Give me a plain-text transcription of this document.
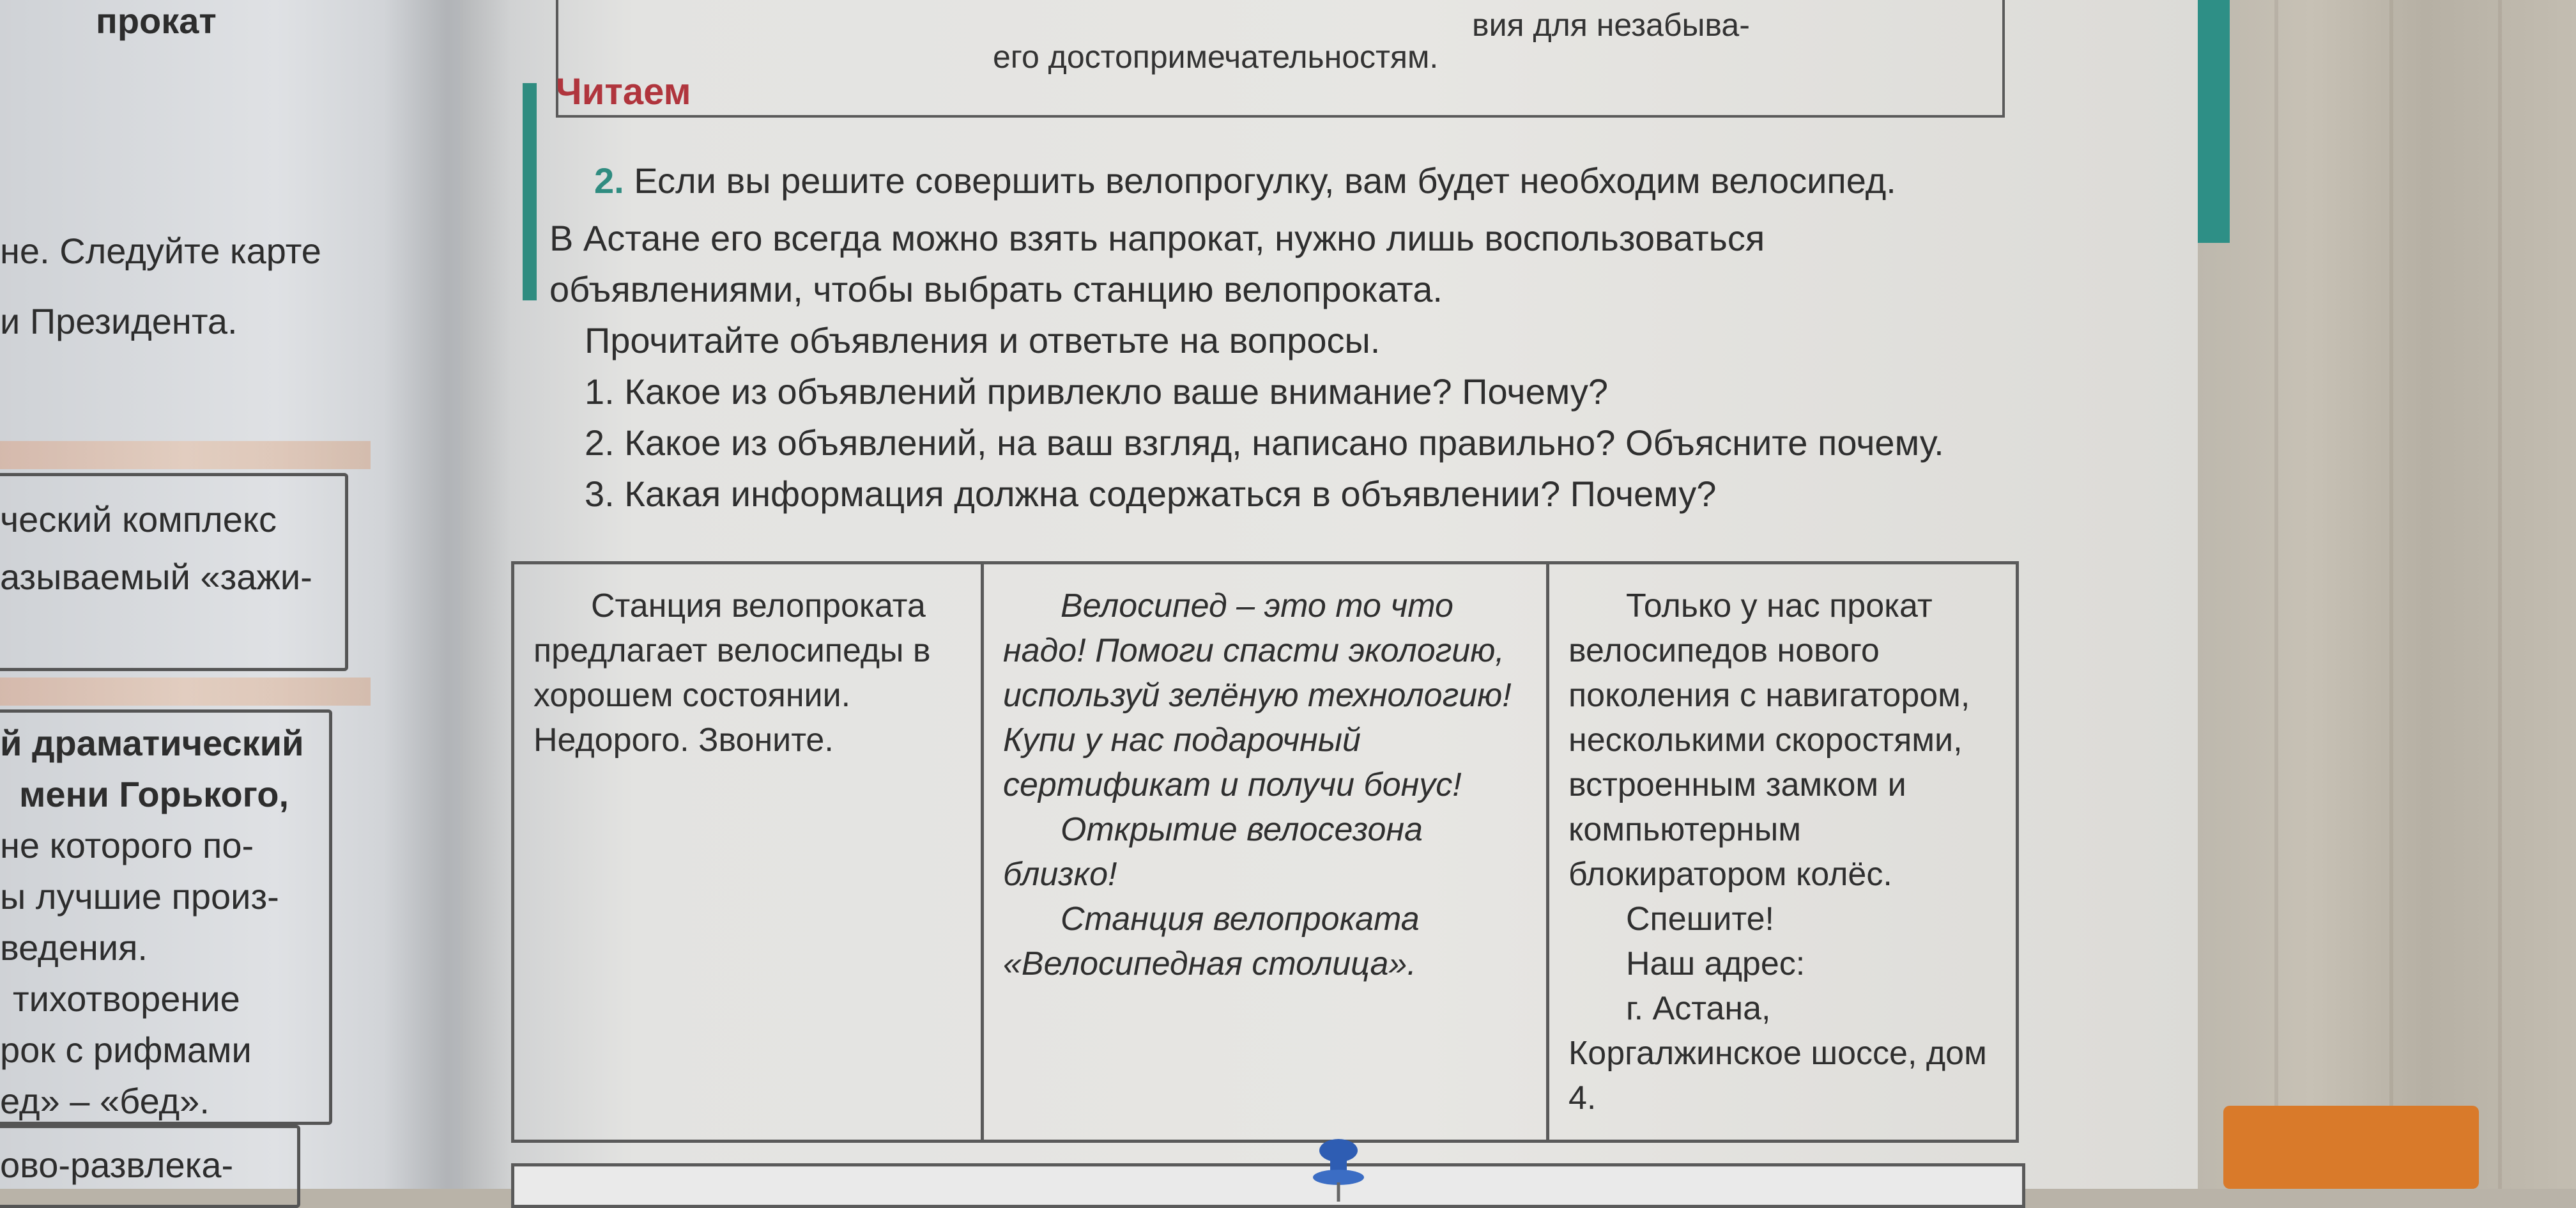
прокат
не. Следуйте карте
и Президента.
ческий комплекс
азываемый «зажи-
й драматический
мени Горького,
не которого по-
ы лучшие произ-
ведения.
тихотворение
рок с рифмами
ед» – «бед».
ово-развлека-
вия для незабыва-
его достопримечательностям.
Читаем
2. Если вы решите совершить велопрогулку, вам будет необходим велосипед.
В Астане его всегда можно взять напрокат, нужно лишь воспользоваться
объявлениями, чтобы выбрать станцию велопроката.
Прочитайте объявления и ответьте на вопросы.
1. Какое из объявлений привлекло ваше внимание? Почему?
2. Какое из объявлений, на ваш взгляд, написано правильно? Объясните почему.
3. Какая информация должна содержаться в объявлении? Почему?

Станция велопроката предлагает велосипеды в хорошем состоянии. Недорого. Звоните.

Велосипед – это то что надо! Помоги спасти экологию, используй зелёную технологию! Купи у нас подарочный сертификат и получи бонус!

Открытие велосезона близко!

Станция велопроката «Велосипедная столица».

Только у нас прокат велосипедов нового поколения с навигатором, несколькими скоростями, встроенным замком и компьютерным блокиратором колёс.

Спешите!

Наш адрес:

г. Астана, Коргалжинское шоссе, дом 4.
